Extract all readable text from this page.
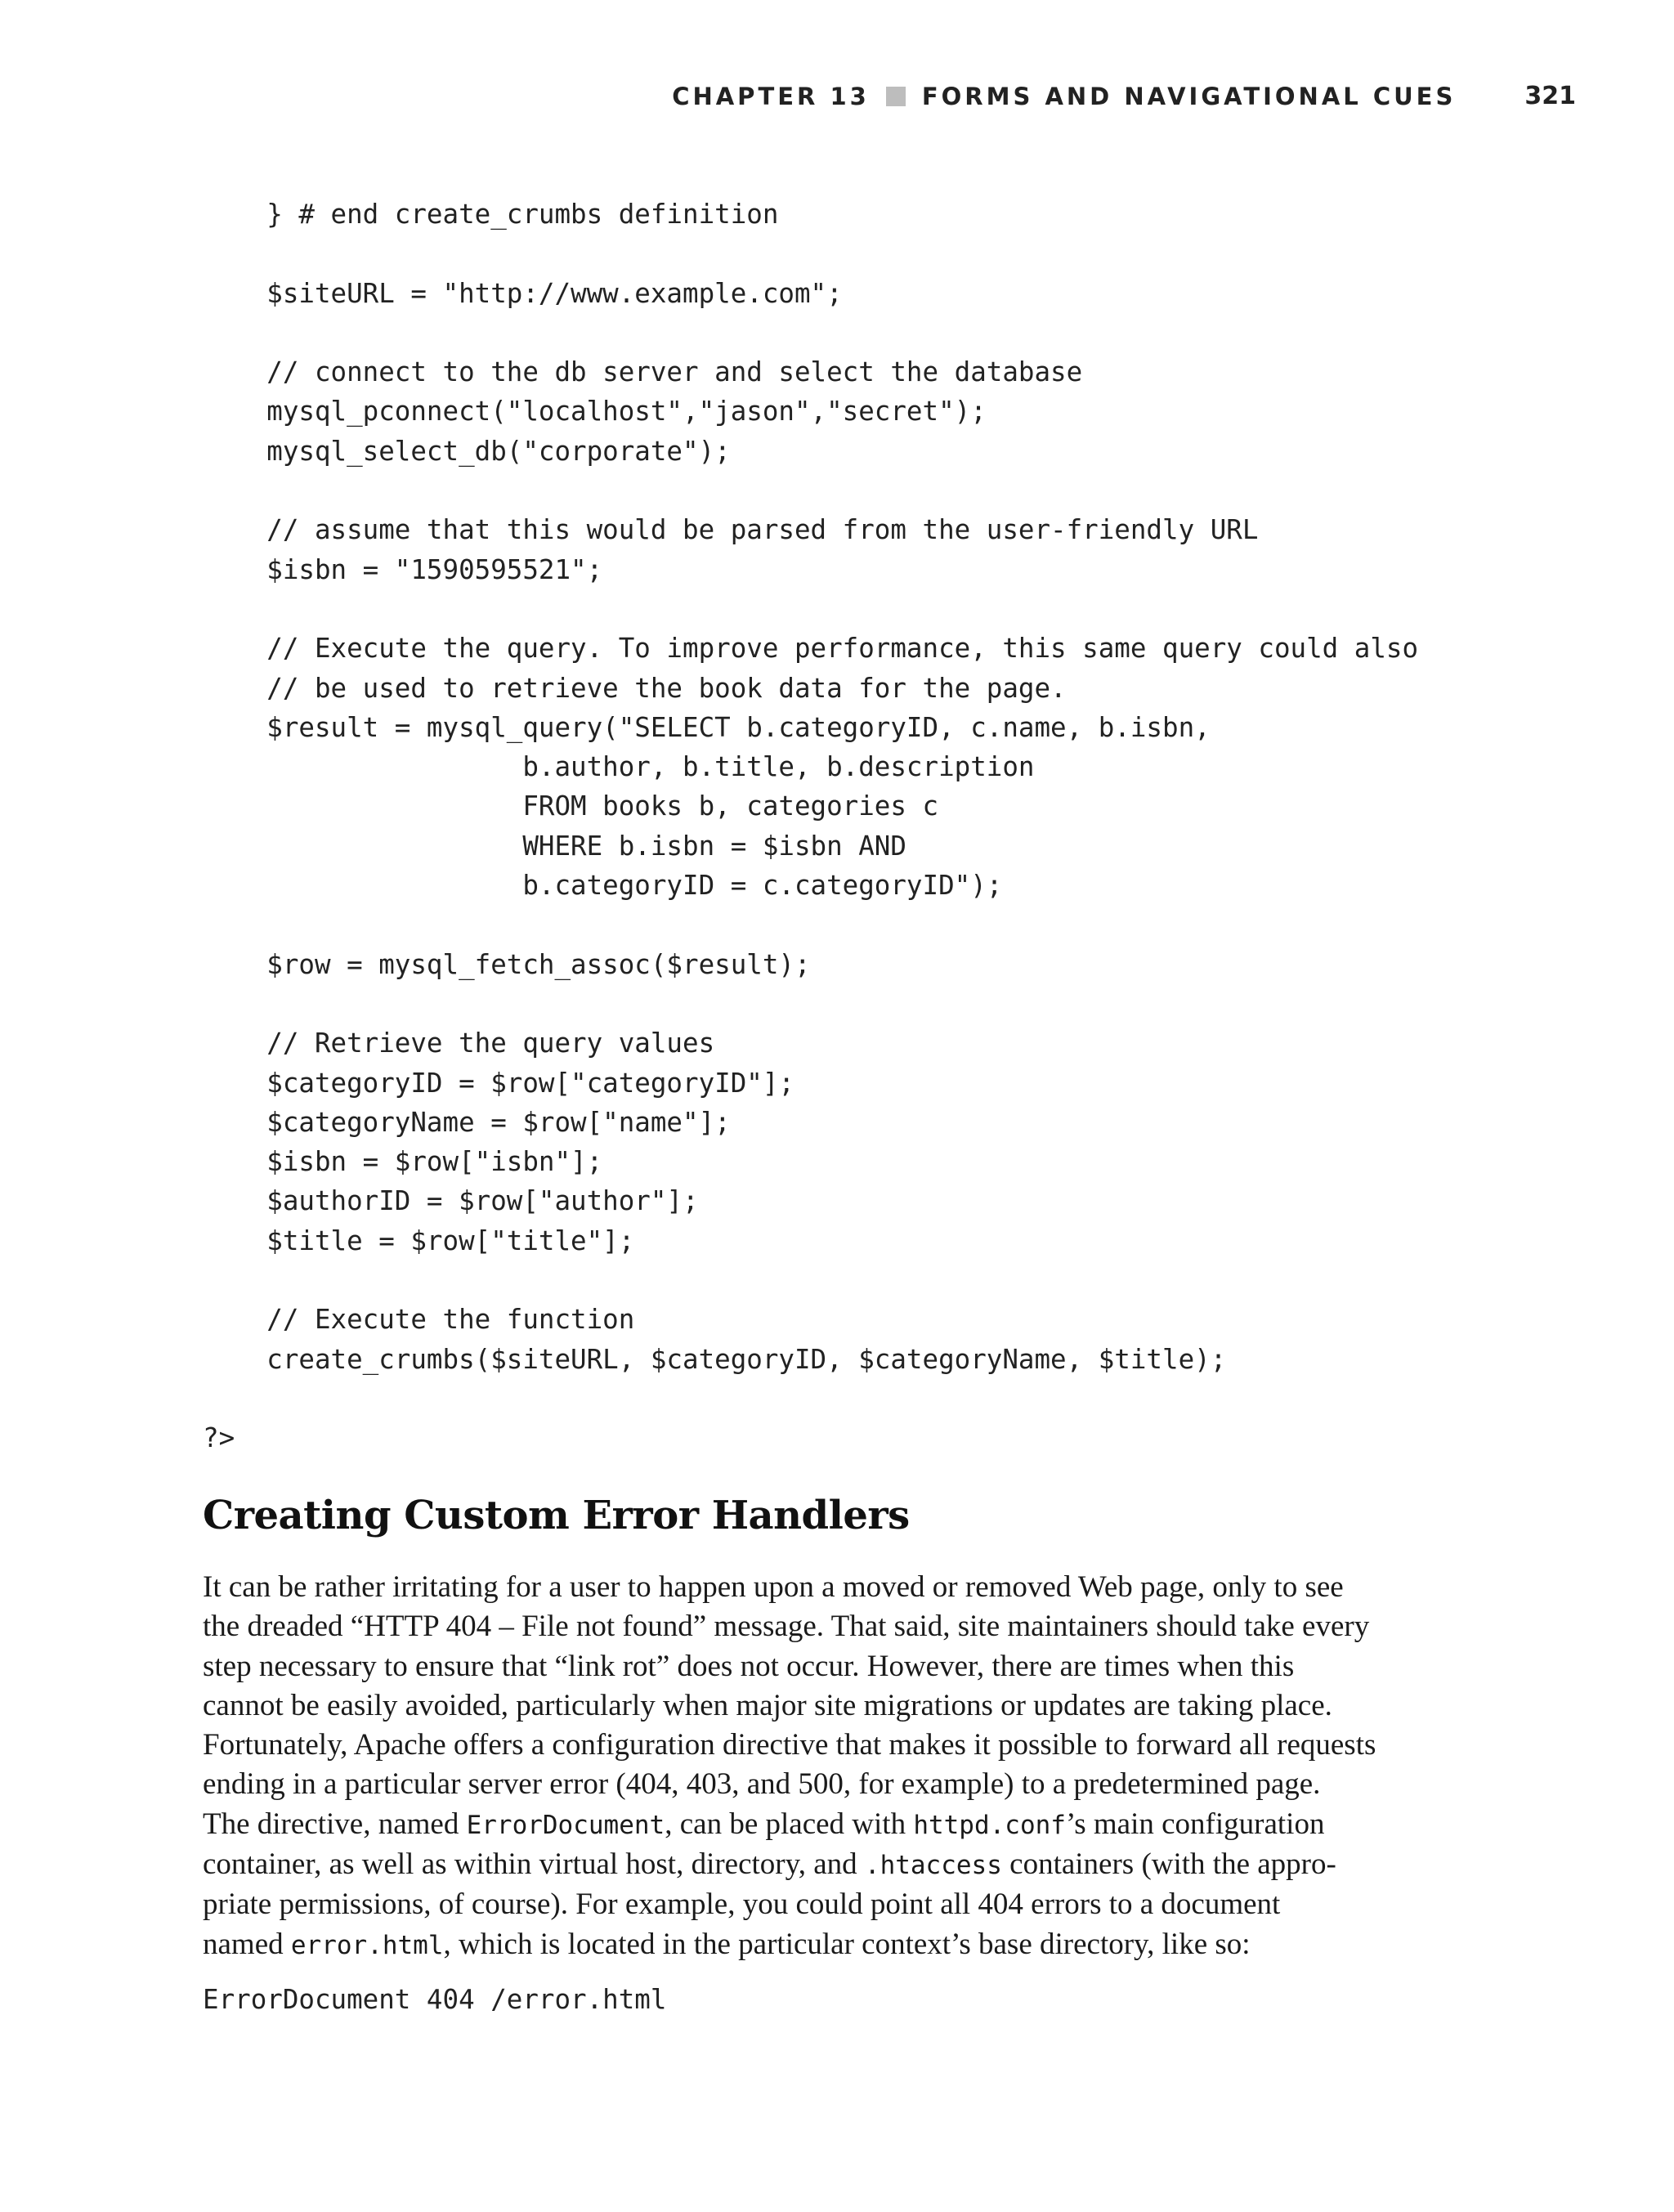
CHAPTER 13 FORMS AND NAVIGATIONAL CUES	321
} # end create_crumbs definition

$siteURL = "http://www.example.com";

// connect to the db server and select the database
mysql_pconnect("localhost","jason","secret");
mysql_select_db("corporate");

// assume that this would be parsed from the user-friendly URL
$isbn = "1590595521";

// Execute the query. To improve performance, this same query could also
// be used to retrieve the book data for the page.
$result = mysql_query("SELECT b.categoryID, c.name, b.isbn,
b.author, b.title, b.description
FROM books b, categories c
WHERE b.isbn = $isbn AND
b.categoryID = c.categoryID");

$row = mysql_fetch_assoc($result);

// Retrieve the query values
$categoryID = $row["categoryID"];
$categoryName = $row["name"];
$isbn = $row["isbn"];
$authorID = $row["author"];
$title = $row["title"];

// Execute the function
create_crumbs($siteURL, $categoryID, $categoryName, $title);

?>

Creating Custom Error Handlers

It can be rather irritating for a user to happen upon a moved or removed Web page, only to see
the dreaded “HTTP 404 – File not found” message. That said, site maintainers should take every
step necessary to ensure that “link rot” does not occur. However, there are times when this
cannot be easily avoided, particularly when major site migrations or updates are taking place.
Fortunately, Apache offers a configuration directive that makes it possible to forward all requests
ending in a particular server error (404, 403, and 500, for example) to a predetermined page.
The directive, named ErrorDocument, can be placed with httpd.conf’s main configuration
container, as well as within virtual host, directory, and .htaccess containers (with the appro-
priate permissions, of course). For example, you could point all 404 errors to a document
named error.html, which is located in the particular context’s base directory, like so:

ErrorDocument 404 /error.html
